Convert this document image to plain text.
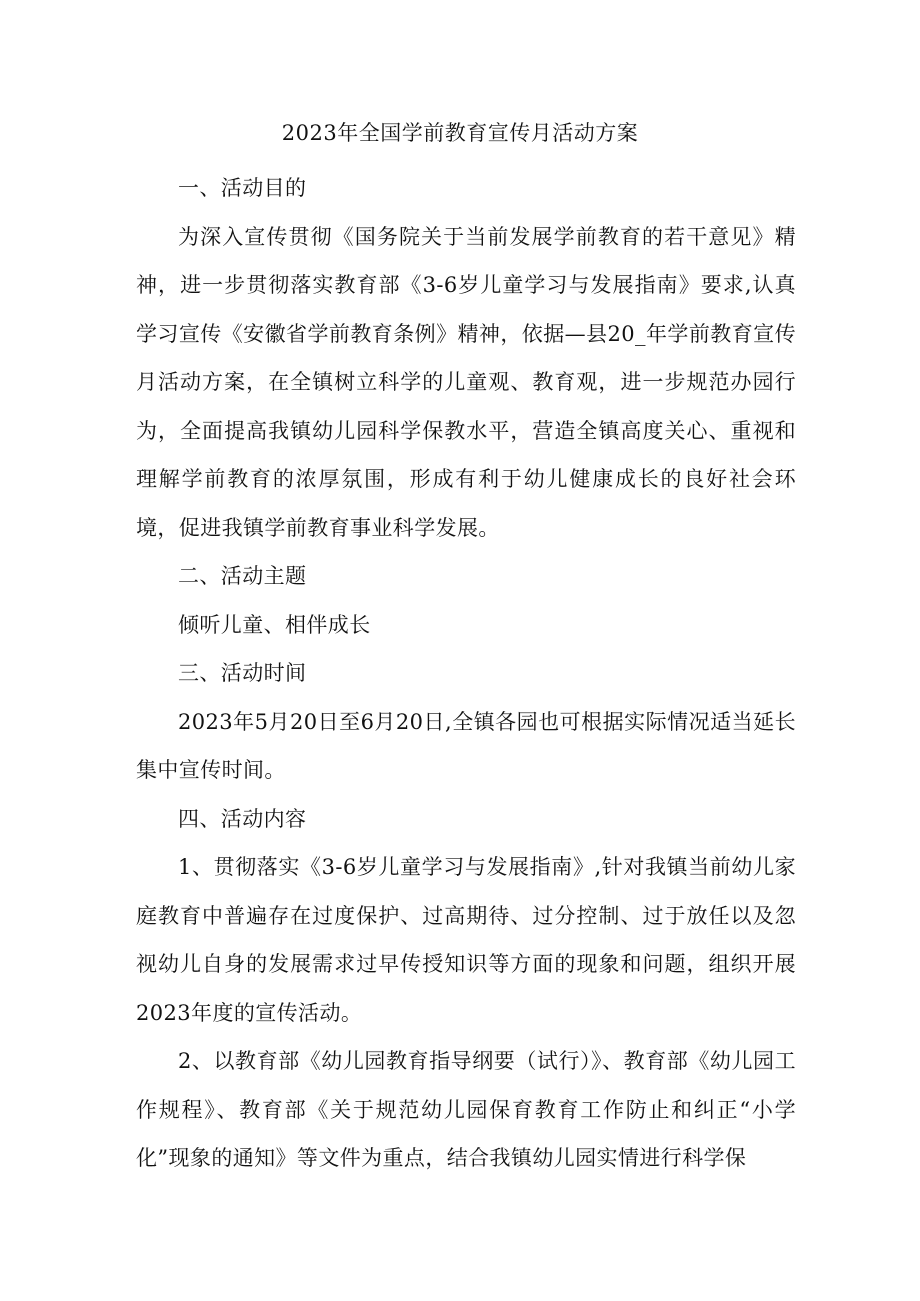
2023年全国学前教育宣传月活动方案

一、活动目的

为深入宣传贯彻《国务院关于当前发展学前教育的若干意见》精神，进一步贯彻落实教育部《3-6岁儿童学习与发展指南》要求,认真学习宣传《安徽省学前教育条例》精神，依据—县20_年学前教育宣传月活动方案，在全镇树立科学的儿童观、教育观，进一步规范办园行为，全面提高我镇幼儿园科学保教水平，营造全镇高度关心、重视和理解学前教育的浓厚氛围，形成有利于幼儿健康成长的良好社会环境，促进我镇学前教育事业科学发展。

二、活动主题

倾听儿童、相伴成长

三、活动时间

2023年5月20日至6月20日,全镇各园也可根据实际情况适当延长集中宣传时间。

四、活动内容

1、贯彻落实《3-6岁儿童学习与发展指南》,针对我镇当前幼儿家庭教育中普遍存在过度保护、过高期待、过分控制、过于放任以及忽视幼儿自身的发展需求过早传授知识等方面的现象和问题，组织开展2023年度的宣传活动。

2、以教育部《幼儿园教育指导纲要（试行）》、教育部《幼儿园工作规程》、教育部《关于规范幼儿园保育教育工作防止和纠正“小学化”现象的通知》等文件为重点，结合我镇幼儿园实情进行科学保
